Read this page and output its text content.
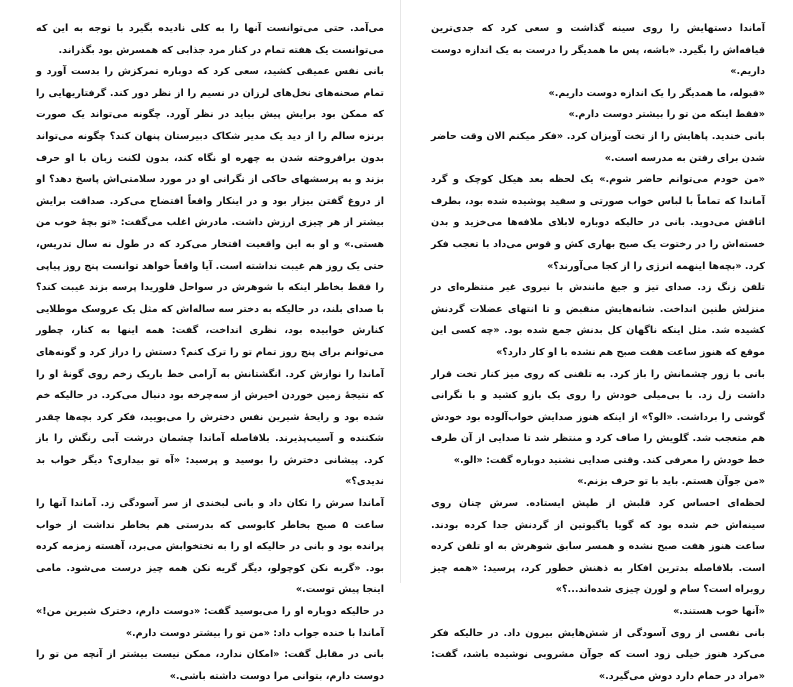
می‌آمد. حتی می‌توانست آنها را به کلی نادیده بگیرد با توجه به این که می‌توانست یک هفته تمام در کنار مرد جذابی که همسرش بود بگذراند.

بانی نفس عمیقی کشید، سعی کرد که دوباره تمرکزش را بدست آورد و تمام صحنه‌های نخل‌های لرزان در نسیم را از نظر دور کند. گرفتاریهایی را که ممکن بود برایش پیش بیاید در نظر آورد. چگونه می‌تواند یک صورت برنزه سالم را از دید یک مدیر شکاک دبیرستان پنهان کند؟ چگونه می‌تواند بدون برافروخته شدن به چهره او نگاه کند، بدون لکنت زبان با او حرف بزند و به پرسشهای حاکی از نگرانی او در مورد سلامتی‌اش پاسخ دهد؟ او از دروغ گفتن بیزار بود و در اینکار واقعاً افتضاح می‌کرد. صداقت برایش بیشتر از هر چیزی ارزش داشت. مادرش اغلب می‌گفت: «تو بچهٔ خوب من هستی.» و او به این واقعیت افتخار می‌کرد که در طول نه سال تدریس، حتی یک روز هم غیبت نداشته است. آیا واقعاً خواهد توانست پنج روز پیاپی را فقط بخاطر اینکه با شوهرش در سواحل فلوریدا پرسه بزند غیبت کند؟ با صدای بلند، در حالیکه به دختر سه ساله‌اش که مثل یک عروسک موطلایی کنارش خوابیده بود، نظری انداخت، گفت: همه اینها به کنار، چطور می‌توانم برای پنج روز تمام تو را ترک کنم؟ دستش را دراز کرد و گونه‌های آماندا را نوازش کرد. انگشتانش به آرامی خط باریک زخم روی گونهٔ او را که نتیجهٔ زمین خوردن اخیرش از سه‌چرخه بود دنبال می‌کرد. در حالیکه خم شده بود و رایحهٔ شیرین نفس دخترش را می‌بویید، فکر کرد بچه‌ها چقدر شکننده و آسیب‌پذیرند. بلافاصله آماندا چشمان درشت آبی رنگش را باز کرد. پیشانی دخترش را بوسید و پرسید: «آه تو بیداری؟ دیگر خواب بد ندیدی؟»

آماندا سرش را تکان داد و بانی لبخندی از سر آسودگی زد. آماندا آنها را ساعت ۵ صبح بخاطر کابوسی که بدرستی هم بخاطر نداشت از خواب پرانده بود و بانی در حالیکه او را به تختخوابش می‌برد، آهسته زمزمه کرده بود. «گربه نکن کوچولو، دیگر گریه نکن همه چیز درست می‌شود. مامی اینجا پیش توست.»

در حالیکه دوباره او را می‌بوسید گفت: «دوست دارم، دخترک شیرین من!» آماندا با خنده جواب داد: «من تو را بیشتر دوست دارم.»

بانی در مقابل گفت: «امکان ندارد، ممکن نیست بیشتر از آنچه من تو را دوست دارم، بتوانی مرا دوست داشته باشی.»

آماندا دستهایش را روی سینه گذاشت و سعی کرد که جدی‌ترین قیافه‌اش را بگیرد. «باشه، پس ما همدیگر را درست به یک اندازه دوست داریم.»

«قبوله، ما همدیگر را یک اندازه دوست داریم.»

«فقط اینکه من تو را بیشتر دوست دارم.»

بانی خندید. پاهایش را از تخت آویزان کرد. «فکر میکنم الان وقت حاضر شدن برای رفتن به مدرسه است.»

«من خودم می‌توانم حاضر شوم.» یک لحظه بعد هیکل کوچک و گرد آماندا که تماماً با لباس خواب صورتی و سفید پوشیده شده بود، بطرف اتاقش می‌دوید. بانی در حالیکه دوباره لابلای ملافه‌ها می‌خزید و بدن خسته‌اش را در رختوت یک صبح بهاری کش و قوس می‌داد با تعجب فکر کرد. «بچه‌ها اینهمه انرژی را از کجا می‌آورند؟»

تلفن زنگ زد. صدای تیز و جیغ مانندش با نیروی غیر منتظره‌ای در منزلش طنین انداخت. شانه‌هایش منقبض و تا انتهای عضلات گردنش کشیده شد. مثل اینکه ناگهان کل بدنش جمع شده بود. «چه کسی این موقع که هنوز ساعت هفت صبح هم نشده با او کار دارد؟»

بانی با زور چشمانش را باز کرد. به تلفنی که روی میز کنار تخت قرار داشت زل زد. با بی‌میلی خودش را روی یک بازو کشید و با نگرانی گوشی را برداشت. «الو؟» از اینکه هنوز صدایش خواب‌آلوده بود خودش هم متعجب شد. گلویش را صاف کرد و منتظر شد تا صدایی از آن طرف خط خودش را معرفی کند. وقتی صدایی نشنید دوباره گفت: «الو.»

«من جوآن هستم. باید با تو حرف بزنم.»

لحظه‌ای احساس کرد قلبش از طپش ایستاده. سرش چنان روی سینه‌اش خم شده بود که گویا یاگیوتین از گردنش جدا کرده بودند. ساعت هنوز هفت صبح نشده و همسر سابق شوهرش به او تلفن کرده است. بلافاصله بدترین افکار به ذهنش خطور کرد، پرسید: «همه چیز روبراه است؟ سام و لورن چیزی شده‌اند...؟»

«آنها خوب هستند.»

بانی نفسی از روی آسودگی از شش‌هایش بیرون داد. در حالیکه فکر می‌کرد هنوز خیلی زود است که جوآن مشروبی نوشیده باشد، گفت: «مراد در حمام دارد دوش می‌گیرد.»
